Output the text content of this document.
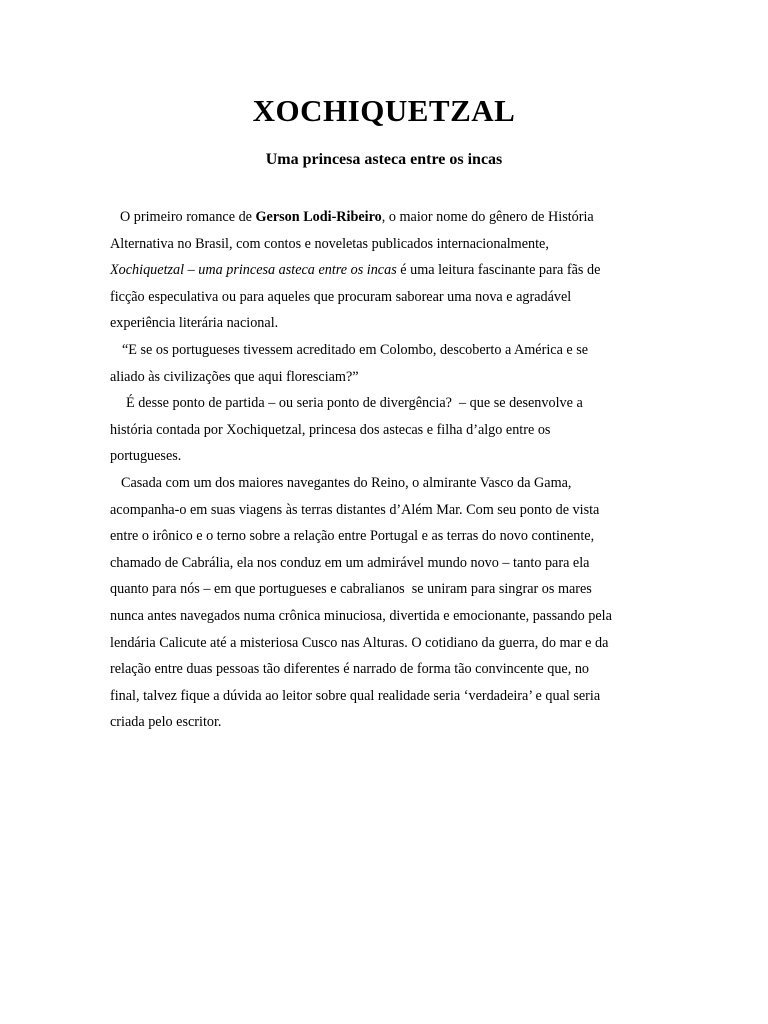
XOCHIQUETZAL
Uma princesa asteca entre os incas
O primeiro romance de Gerson Lodi-Ribeiro, o maior nome do gênero de História
Alternativa no Brasil, com contos e noveletas publicados internacionalmente,
Xochiquetzal – uma princesa asteca entre os incas é uma leitura fascinante para fãs de
ficção especulativa ou para aqueles que procuram saborear uma nova e agradável
experiência literária nacional.
“E se os portugueses tivessem acreditado em Colombo, descoberto a América e se
aliado às civilizações que aqui floresciam?”
É desse ponto de partida – ou seria ponto de divergência?  – que se desenvolve a
história contada por Xochiquetzal, princesa dos astecas e filha d’algo entre os
portugueses.
Casada com um dos maiores navegantes do Reino, o almirante Vasco da Gama,
acompanha-o em suas viagens às terras distantes d’Além Mar. Com seu ponto de vista
entre o irônico e o terno sobre a relação entre Portugal e as terras do novo continente,
chamado de Cabrália, ela nos conduz em um admirável mundo novo – tanto para ela
quanto para nós – em que portugueses e cabralianos  se uniram para singrar os mares
nunca antes navegados numa crônica minuciosa, divertida e emocionante, passando pela
lendária Calicute até a misteriosa Cusco nas Alturas. O cotidiano da guerra, do mar e da
relação entre duas pessoas tão diferentes é narrado de forma tão convincente que, no
final, talvez fique a dúvida ao leitor sobre qual realidade seria ‘verdadeira’ e qual seria
criada pelo escritor.
